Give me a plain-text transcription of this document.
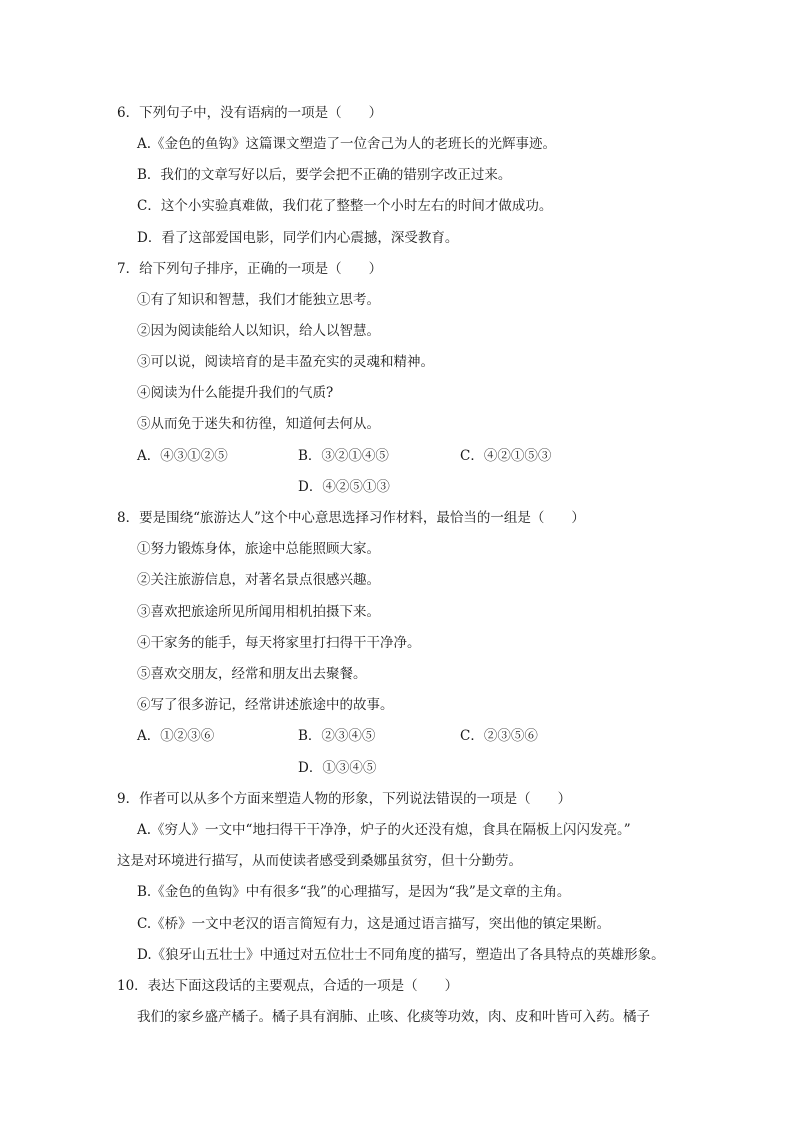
6．下列句子中，没有语病的一项是（　　）
A.《金色的鱼钩》这篇课文塑造了一位舍己为人的老班长的光辉事迹。
B．我们的文章写好以后，要学会把不正确的错别字改正过来。
C．这个小实验真难做，我们花了整整一个小时左右的时间才做成功。
D．看了这部爱国电影，同学们内心震撼，深受教育。
7．给下列句子排序，正确的一项是（　　）
①有了知识和智慧，我们才能独立思考。
②因为阅读能给人以知识，给人以智慧。
③可以说，阅读培育的是丰盈充实的灵魂和精神。
④阅读为什么能提升我们的气质?
⑤从而免于迷失和彷徨，知道何去何从。
A．④③①②⑤	B．③②①④⑤	C．④②①⑤③
D．④②⑤①③
8．要是围绕“旅游达人”这个中心意思选择习作材料，最恰当的一组是（　　）
①努力锻炼身体，旅途中总能照顾大家。
②关注旅游信息，对著名景点很感兴趣。
③喜欢把旅途所见所闻用相机拍摄下来。
④干家务的能手，每天将家里打扫得干干净净。
⑤喜欢交朋友，经常和朋友出去聚餐。
⑥写了很多游记，经常讲述旅途中的故事。
A．①②③⑥	B．②③④⑤	C．②③⑤⑥
D．①③④⑤
9．作者可以从多个方面来塑造人物的形象，下列说法错误的一项是（　　）
A.《穷人》一文中“地扫得干干净净，炉子的火还没有熄，食具在隔板上闪闪发亮。”
这是对环境进行描写，从而使读者感受到桑娜虽贫穷，但十分勤劳。
B.《金色的鱼钩》中有很多“我”的心理描写，是因为“我”是文章的主角。
C.《桥》一文中老汉的语言简短有力，这是通过语言描写，突出他的镇定果断。
D.《狼牙山五壮士》中通过对五位壮士不同角度的描写，塑造出了各具特点的英雄形象。
10．表达下面这段话的主要观点，合适的一项是（　　）
我们的家乡盛产橘子。橘子具有润肺、止咳、化痰等功效，肉、皮和叶皆可入药。橘子
